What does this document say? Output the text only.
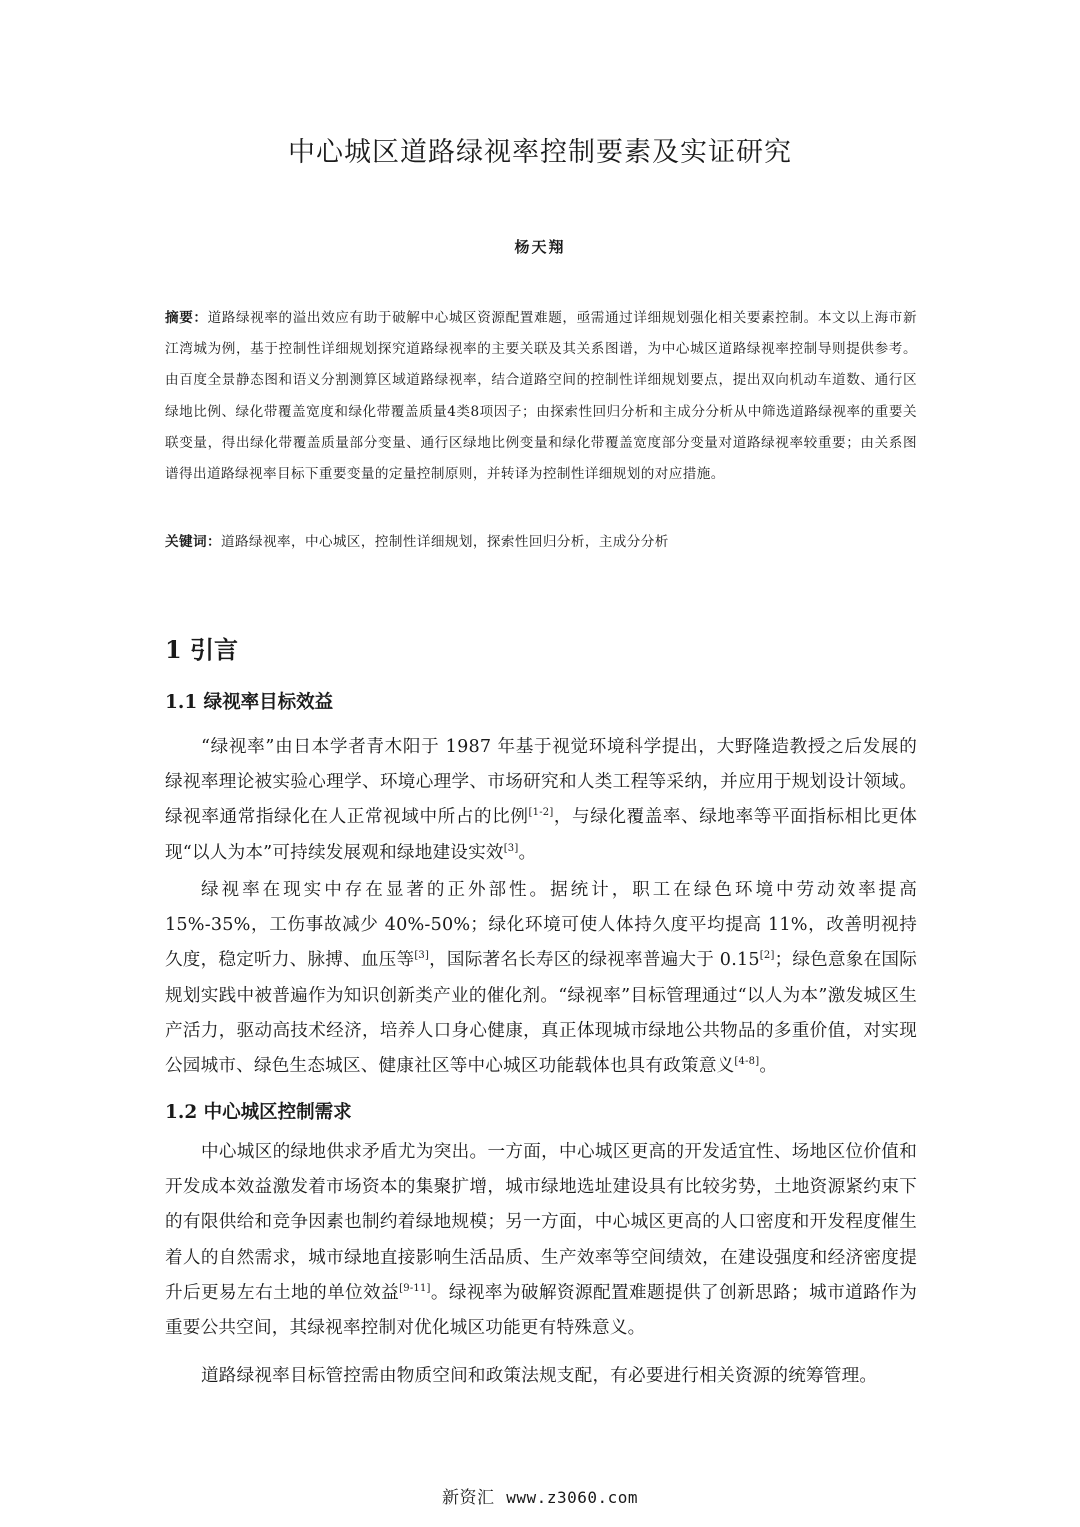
中心城区道路绿视率控制要素及实证研究
杨天翔
摘要：道路绿视率的溢出效应有助于破解中心城区资源配置难题，亟需通过详细规划强化相关要素控制。本文以上海市新江湾城为例，基于控制性详细规划探究道路绿视率的主要关联及其关系图谱，为中心城区道路绿视率控制导则提供参考。由百度全景静态图和语义分割测算区域道路绿视率，结合道路空间的控制性详细规划要点，提出双向机动车道数、通行区绿地比例、绿化带覆盖宽度和绿化带覆盖质量4类8项因子；由探索性回归分析和主成分分析从中筛选道路绿视率的重要关联变量，得出绿化带覆盖质量部分变量、通行区绿地比例变量和绿化带覆盖宽度部分变量对道路绿视率较重要；由关系图谱得出道路绿视率目标下重要变量的定量控制原则，并转译为控制性详细规划的对应措施。
关键词：道路绿视率，中心城区，控制性详细规划，探索性回归分析，主成分分析
1 引言
1.1 绿视率目标效益
“绿视率”由日本学者青木阳于 1987 年基于视觉环境科学提出，大野隆造教授之后发展的绿视率理论被实验心理学、环境心理学、市场研究和人类工程等采纳，并应用于规划设计领域。绿视率通常指绿化在人正常视域中所占的比例[1-2]，与绿化覆盖率、绿地率等平面指标相比更体现“以人为本”可持续发展观和绿地建设实效[3]。
绿视率在现实中存在显著的正外部性。据统计，职工在绿色环境中劳动效率提高 15%-35%，工伤事故减少 40%-50%；绿化环境可使人体持久度平均提高 11%，改善明视持久度，稳定听力、脉搏、血压等[3]，国际著名长寿区的绿视率普遍大于 0.15[2]；绿色意象在国际规划实践中被普遍作为知识创新类产业的催化剂。“绿视率”目标管理通过“以人为本”激发城区生产活力，驱动高技术经济，培养人口身心健康，真正体现城市绿地公共物品的多重价值，对实现公园城市、绿色生态城区、健康社区等中心城区功能载体也具有政策意义[4-8]。
1.2 中心城区控制需求
中心城区的绿地供求矛盾尤为突出。一方面，中心城区更高的开发适宜性、场地区位价值和开发成本效益激发着市场资本的集聚扩增，城市绿地选址建设具有比较劣势，土地资源紧约束下的有限供给和竞争因素也制约着绿地规模；另一方面，中心城区更高的人口密度和开发程度催生着人的自然需求，城市绿地直接影响生活品质、生产效率等空间绩效，在建设强度和经济密度提升后更易左右土地的单位效益[9-11]。绿视率为破解资源配置难题提供了创新思路；城市道路作为重要公共空间，其绿视率控制对优化城区功能更有特殊意义。
道路绿视率目标管控需由物质空间和政策法规支配，有必要进行相关资源的统筹管理。
新资汇 www.z3060.com
